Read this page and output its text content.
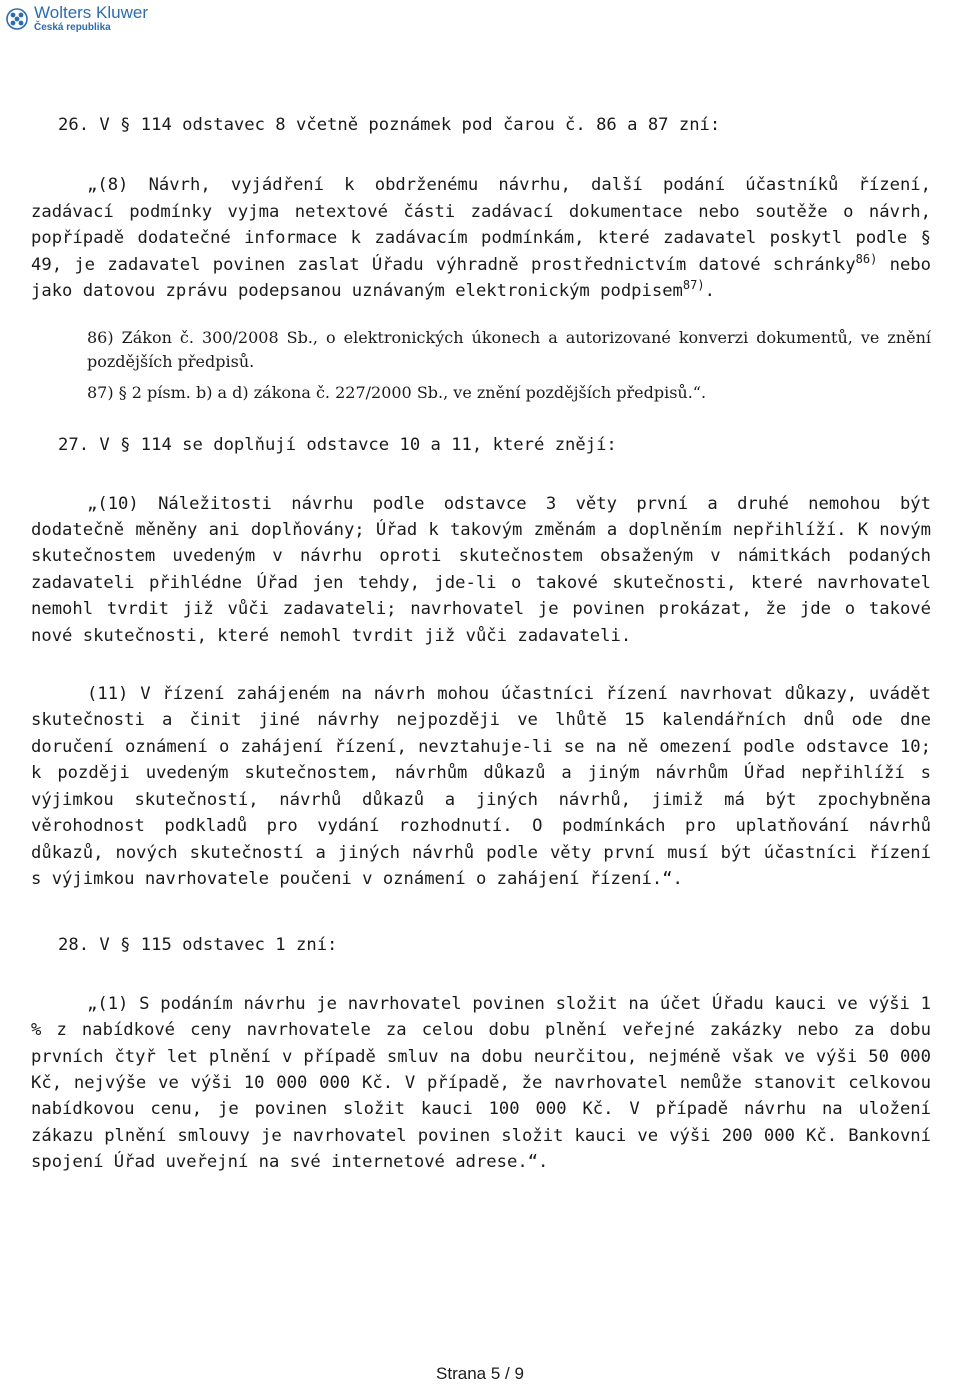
Wolters Kluwer
Česká republika

26. V § 114 odstavec 8 včetně poznámek pod čarou č. 86 a 87 zní:

„(8) Návrh, vyjádření k obdrženému návrhu, další podání účastníků řízení, zadávací podmínky vyjma netextové části zadávací dokumentace nebo soutěže o návrh, popřípadě dodatečné informace k zadávacím podmínkám, které zadavatel poskytl podle § 49, je zadavatel povinen zaslat Úřadu výhradně prostřednictvím datové schránky$^{86)}$ nebo jako datovou zprávu podepsanou uznávaným elektronickým podpisem$^{87)}$.

86) Zákon č. 300/2008 Sb., o elektronických úkonech a autorizované konverzi dokumentů, ve znění pozdějších předpisů.

87) § 2 písm. b) a d) zákona č. 227/2000 Sb., ve znění pozdějších předpisů.“.

27. V § 114 se doplňují odstavce 10 a 11, které znějí:

„(10) Náležitosti návrhu podle odstavce 3 věty první a druhé nemohou být dodatečně měněny ani doplňovány; Úřad k takovým změnám a doplněním nepřihlíží. K novým skutečnostem uvedeným v návrhu oproti skutečnostem obsaženým v námitkách podaných zadavateli přihlédne Úřad jen tehdy, jde-li o takové skutečnosti, které navrhovatel nemohl tvrdit již vůči zadavateli; navrhovatel je povinen prokázat, že jde o takové nové skutečnosti, které nemohl tvrdit již vůči zadavateli.

(11) V řízení zahájeném na návrh mohou účastníci řízení navrhovat důkazy, uvádět skutečnosti a činit jiné návrhy nejpozději ve lhůtě 15 kalendářních dnů ode dne doručení oznámení o zahájení řízení, nevztahuje-li se na ně omezení podle odstavce 10; k později uvedeným skutečnostem, návrhům důkazů a jiným návrhům Úřad nepřihlíží s výjimkou skutečností, návrhů důkazů a jiných návrhů, jimiž má být zpochybněna věrohodnost podkladů pro vydání rozhodnutí. O podmínkách pro uplatňování návrhů důkazů, nových skutečností a jiných návrhů podle věty první musí být účastníci řízení s výjimkou navrhovatele poučeni v oznámení o zahájení řízení.“.

28. V § 115 odstavec 1 zní:

„(1) S podáním návrhu je navrhovatel povinen složit na účet Úřadu kauci ve výši 1 % z nabídkové ceny navrhovatele za celou dobu plnění veřejné zakázky nebo za dobu prvních čtyř let plnění v případě smluv na dobu neurčitou, nejméně však ve výši 50 000 Kč, nejvýše ve výši 10 000 000 Kč. V případě, že navrhovatel nemůže stanovit celkovou nabídkovou cenu, je povinen složit kauci 100 000 Kč. V případě návrhu na uložení zákazu plnění smlouvy je navrhovatel povinen složit kauci ve výši 200 000 Kč. Bankovní spojení Úřad uveřejní na své internetové adrese.“.

Strana 5 / 9
